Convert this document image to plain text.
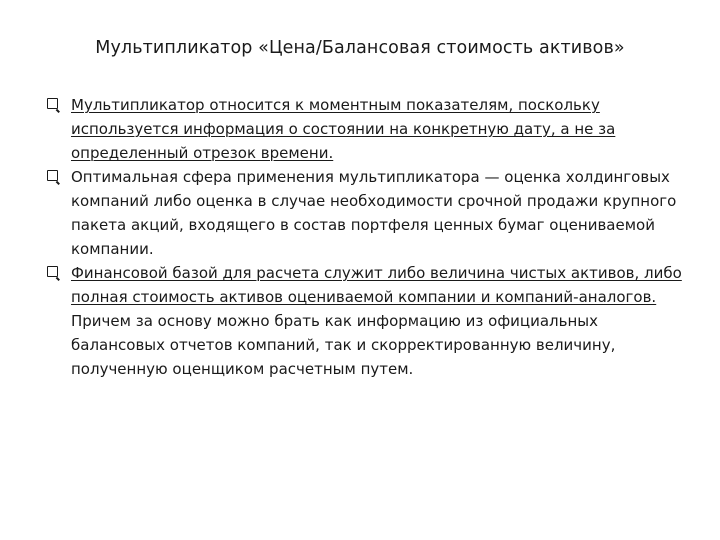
Мультипликатор «Цена/Балансовая стоимость активов»
Мультипликатор относится к моментным показателям, поскольку используется информация о состоянии на конкретную дату, а не за определенный отрезок времени.
Оптимальная сфера применения мультипликатора — оценка холдинговых компаний либо оценка в случае необходимости срочной продажи крупного пакета акций, входящего в состав портфеля ценных бумаг оцениваемой компании.
Финансовой базой для расчета служит либо величина чистых активов, либо полная стоимость активов оцениваемой компании и компаний-аналогов. Причем за основу можно брать как информацию из официальных балансовых отчетов компаний, так и скорректированную величину, полученную оценщиком расчетным путем.
